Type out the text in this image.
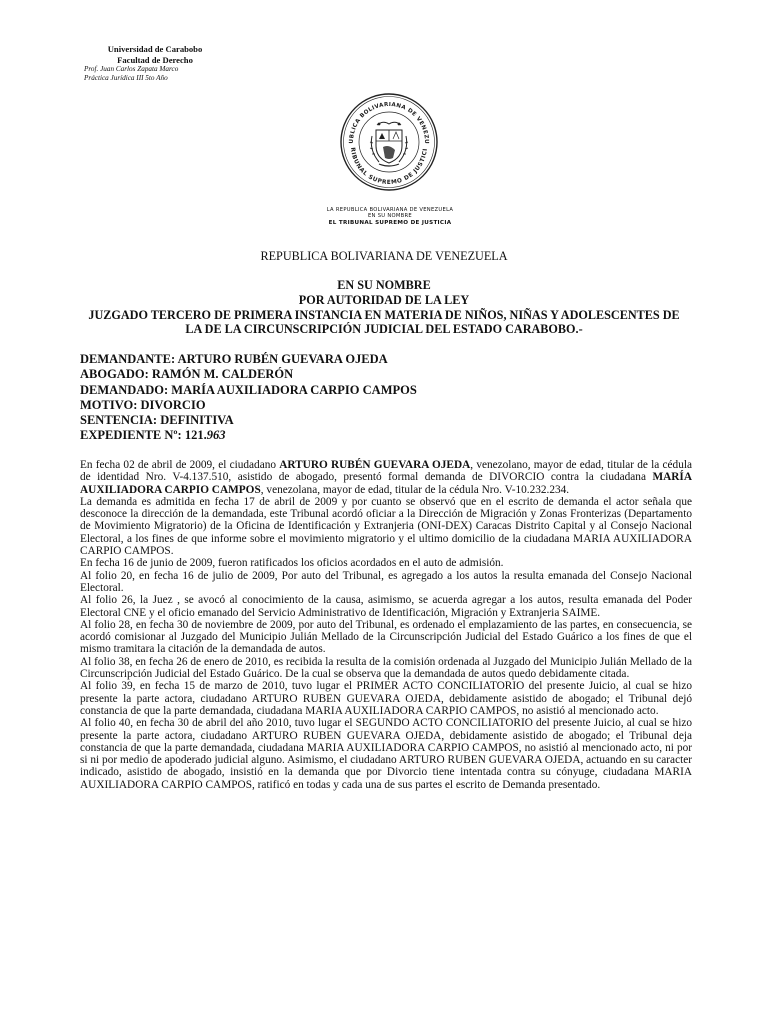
Universidad de Carabobo
Facultad de Derecho
Prof. Juan Carlos Zapata Marco
Práctica Jurídica III 5to Año
UBLICA BOLIVARIANA DE VENEZU
RIBUNAL SUPREMO DE JUSTICI
LA REPUBLICA BOLIVARIANA DE VENEZUELA
EN SU NOMBRE
EL TRIBUNAL SUPREMO DE JUSTICIA
REPUBLICA BOLIVARIANA DE VENEZUELA
EN SU NOMBRE
POR AUTORIDAD DE LA LEY
JUZGADO TERCERO DE PRIMERA INSTANCIA EN MATERIA DE NIÑOS, NIÑAS Y ADOLESCENTES DE
LA DE LA CIRCUNSCRIPCIÓN JUDICIAL DEL ESTADO CARABOBO.-
DEMANDANTE: ARTURO RUBÉN GUEVARA OJEDA
ABOGADO: RAMÓN M. CALDERÓN
DEMANDADO: MARÍA AUXILIADORA CARPIO CAMPOS
MOTIVO: DIVORCIO
SENTENCIA: DEFINITIVA
EXPEDIENTE Nº: 121.963

En fecha 02 de abril de 2009, el ciudadano ARTURO RUBÉN GUEVARA OJEDA, venezolano, mayor de edad, titular de la cédula de identidad Nro. V-4.137.510, asistido de abogado, presentó formal demanda de DIVORCIO contra la ciudadana MARÍA AUXILIADORA CARPIO CAMPOS, venezolana, mayor de edad, titular de la cédula Nro. V-10.232.234.

La demanda es admitida en fecha 17 de abril de 2009 y por cuanto se observó que en el escrito de demanda el actor señala que desconoce la dirección de la demandada, este Tribunal acordó oficiar a la Dirección de Migración y Zonas Fronterizas (Departamento de Movimiento Migratorio) de la Oficina de Identificación y Extranjeria (ONI-DEX) Caracas Distrito Capital y al Consejo Nacional Electoral, a los fines de que informe sobre el movimiento migratorio y el ultimo domicilio de la ciudadana MARIA AUXILIADORA CARPIO CAMPOS.

En fecha 16 de junio de 2009, fueron ratificados los oficios acordados en el auto de admisión.

Al folio 20, en fecha 16 de julio de 2009, Por auto del Tribunal, es agregado a los autos la resulta emanada del Consejo Nacional Electoral.

Al folio 26, la Juez , se avocó al conocimiento de la causa, asimismo, se acuerda agregar a los autos, resulta emanada del Poder Electoral CNE y el oficio emanado del Servicio Administrativo de Identificación, Migración y Extranjeria SAIME.

Al folio 28, en fecha 30 de noviembre de 2009, por auto del Tribunal, es ordenado el emplazamiento de las partes, en consecuencia, se acordó comisionar al Juzgado del Municipio Julián Mellado de la Circunscripción Judicial del Estado Guárico a los fines de que el mismo tramitara la citación de la demandada de autos.

Al folio 38, en fecha 26 de enero de 2010, es recibida la resulta de la comisión ordenada al Juzgado del Municipio Julián Mellado de la Circunscripción Judicial del Estado Guárico. De la cual se observa que la demandada de autos quedo debidamente citada.

Al folio 39, en fecha 15 de marzo de 2010, tuvo lugar el PRIMER ACTO CONCILIATORIO del presente Juicio, al cual se hizo presente la parte actora, ciudadano ARTURO RUBEN GUEVARA OJEDA, debidamente asistido de abogado; el Tribunal dejó constancia de que la parte demandada, ciudadana MARIA AUXILIADORA CARPIO CAMPOS, no asistió al mencionado acto.

Al folio 40, en fecha 30 de abril del año 2010, tuvo lugar el SEGUNDO ACTO CONCILIATORIO del presente Juicio, al cual se hizo presente la parte actora, ciudadano ARTURO RUBEN GUEVARA OJEDA, debidamente asistido de abogado; el Tribunal deja constancia de que la parte demandada, ciudadana MARIA AUXILIADORA CARPIO CAMPOS, no asistió al mencionado acto, ni por si ni por medio de apoderado judicial alguno. Asimismo, el ciudadano ARTURO RUBEN GUEVARA OJEDA, actuando en su caracter indicado, asistido de abogado, insistió en la demanda que por Divorcio tiene intentada contra su cónyuge, ciudadana MARIA AUXILIADORA CARPIO CAMPOS, ratificó en todas y cada una de sus partes el escrito de Demanda presentado.
